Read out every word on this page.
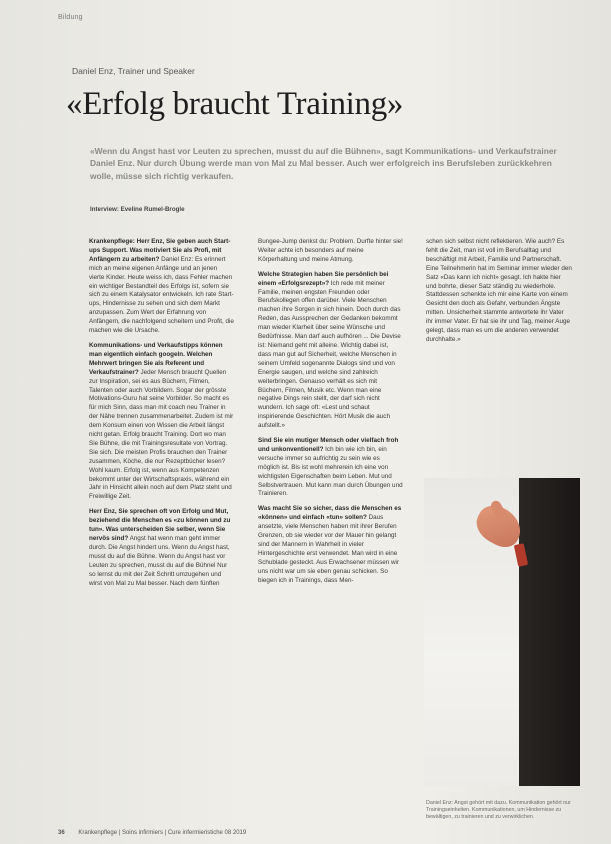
Bildung
Daniel Enz, Trainer und Speaker
«Erfolg braucht Training»

«Wenn du Angst hast vor Leuten zu sprechen, musst du auf die Bühnen», sagt Kommunikations- und Verkaufstrainer Daniel Enz. Nur durch Übung werde man von Mal zu Mal besser. Auch wer erfolgreich ins Berufsleben zurückkehren wolle, müsse sich richtig verkaufen.

Interview: Eveline Rumel-Brogle

Krankenpflege: Herr Enz, Sie geben auch Start-ups Support. Was motiviert Sie als Profi, mit Anfängern zu arbeiten? Daniel Enz: Es erinnert mich an meine eigenen Anfänge und an jenen vierte Kinder. Heute weiss ich, dass Fehler machen ein wichtiger Bestandteil des Erfolgs ist, sofern sie sich zu einem Katalysator entwickeln. Ich rate Start-ups, Hindernisse zu sehen und sich dem Markt anzupassen. Zum Wert der Erfahrung von Anfängern, die nachfolgend scheitern und Profit, die machen wie die Ursache.

Kommunikations- und Verkaufstipps können man eigentlich einfach googeln. Welchen Mehrwert bringen Sie als Referent und Verkaufstrainer? Jeder Mensch braucht Quellen zur Inspiration, sei es aus Büchern, Filmen, Talenten oder auch Vorbildern. Sogar der grösste Motivations-Guru hat seine Vorbilder. So macht es für mich Sinn, dass man mit coach neu Trainer in der Nähe trennen zusammenarbeitet. Zudem ist mir dem Konsum einen von Wissen die Arbeit längst nicht getan. Erfolg braucht Training. Dort wo man Sie Bühne, die mit Trainingsresultate von Vortrag. Sie sich. Die meisten Profis brauchen den Trainer zusammen, Köche, die nur Rezeptbücher lesen? Wohl kaum. Erfolg ist, wenn aus Kompetenzen bekommt unter der Wirtschaftspraxis, während ein Jahr in Hinsicht allein noch auf dem Platz steht und Freiwillige Zeit.

Herr Enz, Sie sprechen oft von Erfolg und Mut, beziehend die Menschen es «zu können und zu tun». Was unterscheiden Sie selber, wenn Sie nervös sind? Angst hat wenn man geht immer durch. Die Angst hindert uns. Wenn du Angst hast, musst du auf die Bühne. Wenn du Angst hast vor Leuten zu sprechen, musst du auf die Bühnel Nur so lernst du mit der Zeit Schritt umzugehen und wirst von Mal zu Mal besser. Nach dem fünften

Bungee-Jump denkst du: Problem. Durfte hinter sie! Weiter achte ich besonders auf meine Körperhaltung und meine Atmung.

Welche Strategien haben Sie persönlich bei einem «Erfolgsrezept»? Ich rede mit meiner Familie, meinen engsten Freunden oder Berufskollegen offen darüber. Viele Menschen machen ihre Sorgen in sich hinein. Doch durch das Reden, das Aussprechen der Gedanken bekommt man wieder Klarheit über seine Wünsche und Bedürfnisse. Man darf auch aufhören ... Die Devise ist: Niemand geht mit alleine. Wichtig dabei ist, dass man gut auf Sicherheit, welche Menschen in seinem Umfeld sogenannte Dialogs sind und von Energie saugen, und welche sind zahlreich weiterbringen. Genauso verhält es sich mit Büchern, Filmen, Musik etc. Wenn man eine negative Dings rein stellt, der darf sich nicht wundern. Ich sage oft: «Lest und schaut inspirierende Geschichten. Hört Musik die auch aufstellt.»

Sind Sie ein mutiger Mensch oder vielfach froh und unkonventionell? Ich bin wie ich bin, ein versuche immer so aufrichtig zu sein wie es möglich ist. Bis ist wohl mehrerein ich eine von wichtigsten Eigenschaften beim Leben. Mut und Selbstvertrauen. Mut kann man durch Übungen und Trainieren.

Was macht Sie so sicher, dass die Menschen es «können» und einfach «tun» sollen? Daus ansetzte, viele Menschen haben mit ihrer Berufen Grenzen, ob sie wieder vor der Mauer hin gelangt sind der Mannern in Wahrheit in vieler Hintergeschichte erst verwendet. Man wird in eine Schublade gesteckt. Aus Erwachsener müssen wir uns nicht war um sie eben genau schicken. So biegen ich in Trainings, dass Men-

schen sich selbst nicht reflektieren. Wie auch? Es fehlt die Zeit, man ist voll im Berufsalltag und beschäftigt mit Arbeit, Familie und Partnerschaft. Eine Teilnehmerin hat im Seminar immer wieder den Satz «Das kann ich nicht» gesagt. Ich hakte hier und bohrte, dieser Satz ständig zu wiederhole. Stattdessen schenkte ich mir eine Karte von einem Gesicht den doch als Gefahr, verbunden Ängste mitten. Unsicherheit stammte antwortete ihr Vater ihr immer Vater. Er hat sie ihr und Tag, meiner Auge gelegt, dass man es um die anderen verwendet durchhalte.»

Daniel Enz: Angst gehört mit dazu. Kommunikation gehört nur Trainingseinheiten. Kommunikationen, um Hindernisse zu bewältigen, zu trainieren und zu verwirklichen.

36 Krankenpflege | Soins infirmiers | Cure infermieristiche 08 2019
